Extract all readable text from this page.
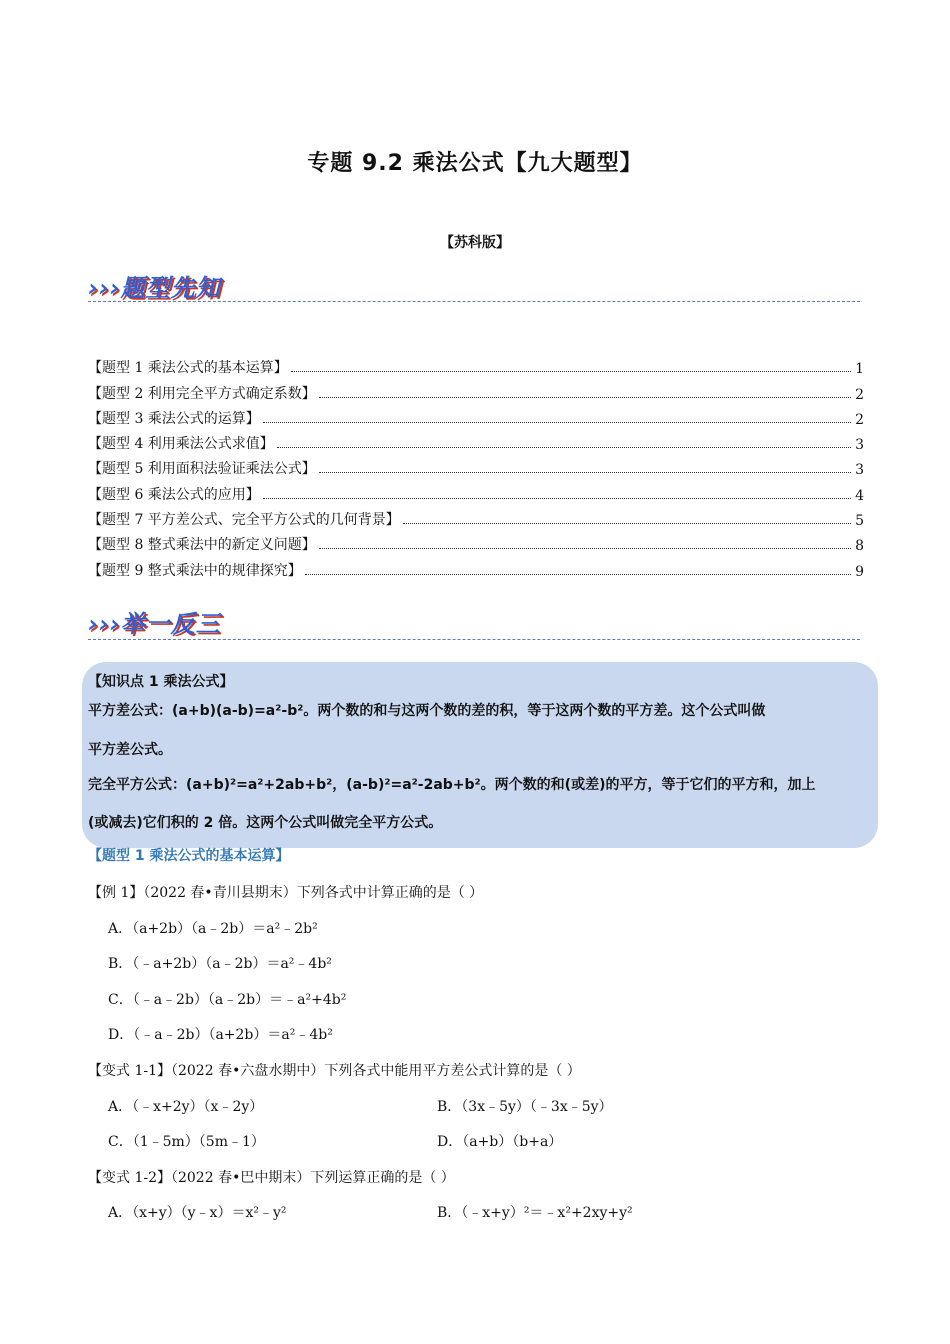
专题 9.2 乘法公式【九大题型】
【苏科版】
›››题型先知
【题型 1 乘法公式的基本运算】	1
【题型 2 利用完全平方式确定系数】	2
【题型 3 乘法公式的运算】	2
【题型 4 利用乘法公式求值】	3
【题型 5 利用面积法验证乘法公式】	3
【题型 6 乘法公式的应用】	4
【题型 7 平方差公式、完全平方公式的几何背景】	5
【题型 8 整式乘法中的新定义问题】	8
【题型 9 整式乘法中的规律探究】	9
›››举一反三
【知识点 1 乘法公式】
平方差公式：(a+b)(a-b)=a²-b²。两个数的和与这两个数的差的积，等于这两个数的平方差。这个公式叫做
平方差公式。
完全平方公式：(a+b)²=a²+2ab+b²，(a-b)²=a²-2ab+b²。两个数的和(或差)的平方，等于它们的平方和，加上
(或减去)它们积的 2 倍。这两个公式叫做完全平方公式。
【题型 1 乘法公式的基本运算】
【例 1】（2022 春•青川县期末）下列各式中计算正确的是（ ）
A．（a+2b）（a﹣2b）＝a²﹣2b²
B．（﹣a+2b）（a﹣2b）＝a²﹣4b²
C．（﹣a﹣2b）（a﹣2b）＝﹣a²+4b²
D．（﹣a﹣2b）（a+2b）＝a²﹣4b²
【变式 1-1】（2022 春•六盘水期中）下列各式中能用平方差公式计算的是（ ）
A．（﹣x+2y）（x﹣2y）	B．（3x﹣5y）（﹣3x﹣5y）
C．（1﹣5m）（5m﹣1）	D．（a+b）（b+a）
【变式 1-2】（2022 春•巴中期末）下列运算正确的是（ ）
A．（x+y）（y﹣x）＝x²﹣y²	B．（﹣x+y）²＝﹣x²+2xy+y²
